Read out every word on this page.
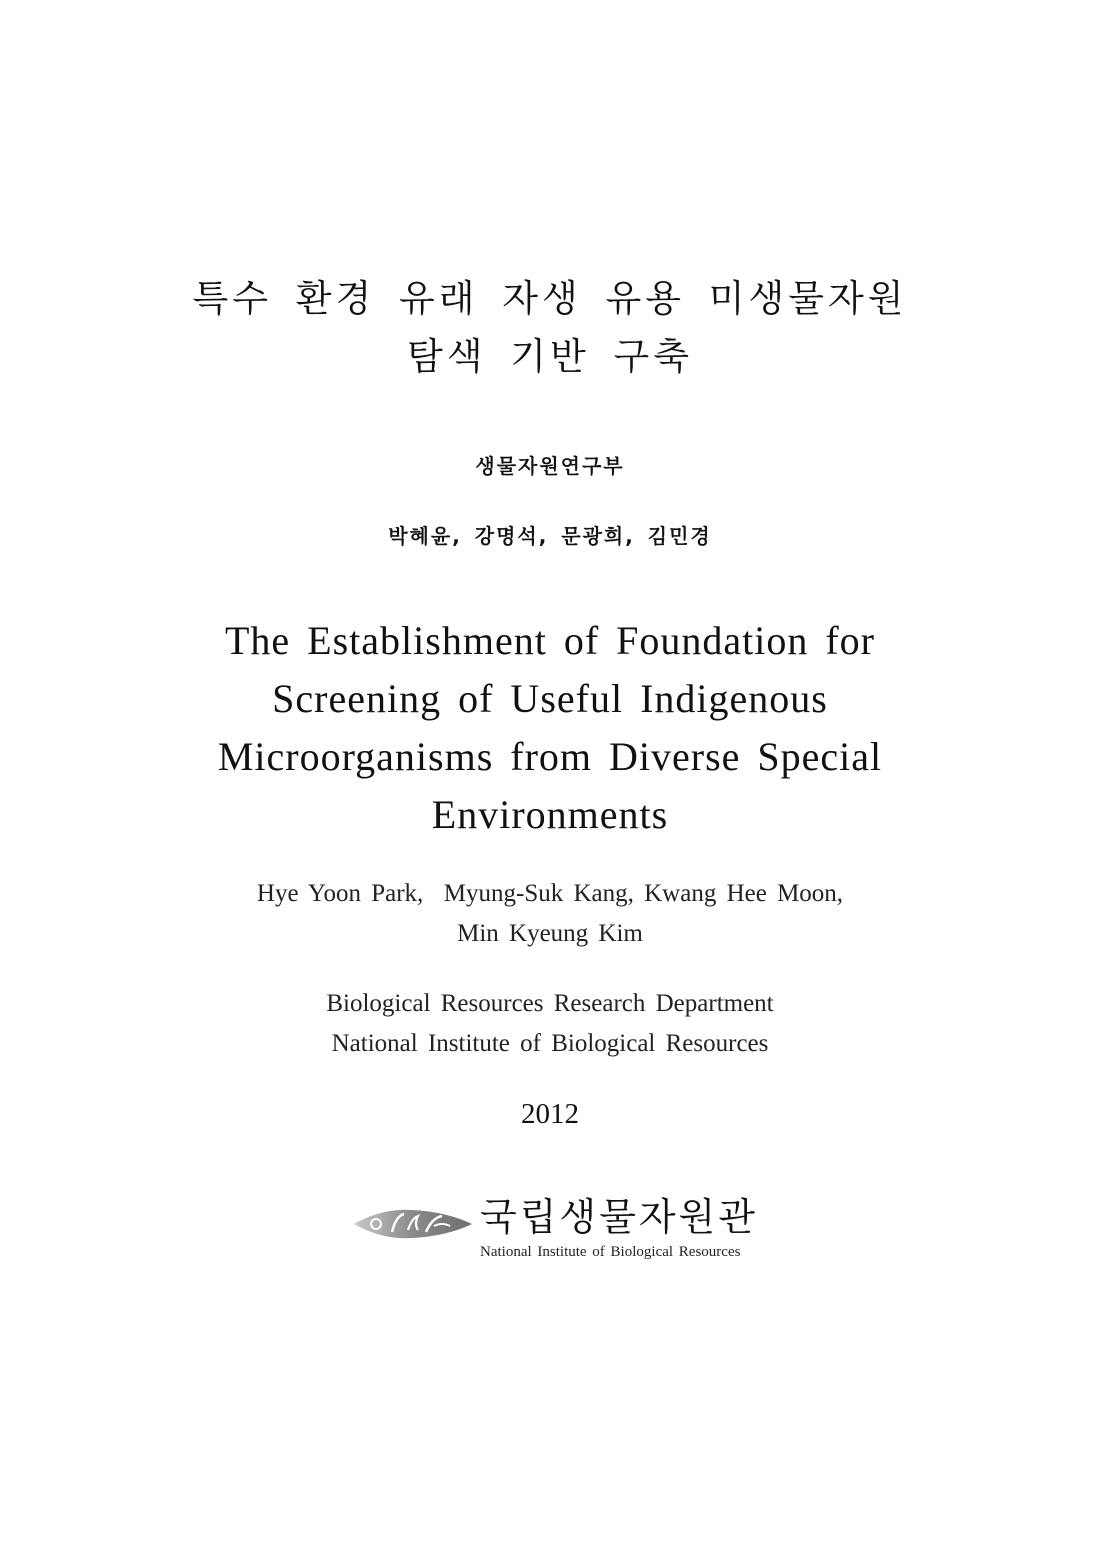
특수 환경 유래 자생 유용 미생물자원
탐색 기반 구축
생물자원연구부
박혜윤, 강명석, 문광희, 김민경
The Establishment of Foundation for
Screening of Useful Indigenous
Microorganisms from Diverse Special
Environments
Hye Yoon Park,  Myung-Suk Kang, Kwang Hee Moon,
Min Kyeung Kim
Biological Resources Research Department
National Institute of Biological Resources
2012
국립생물자원관
National Institute of Biological Resources
